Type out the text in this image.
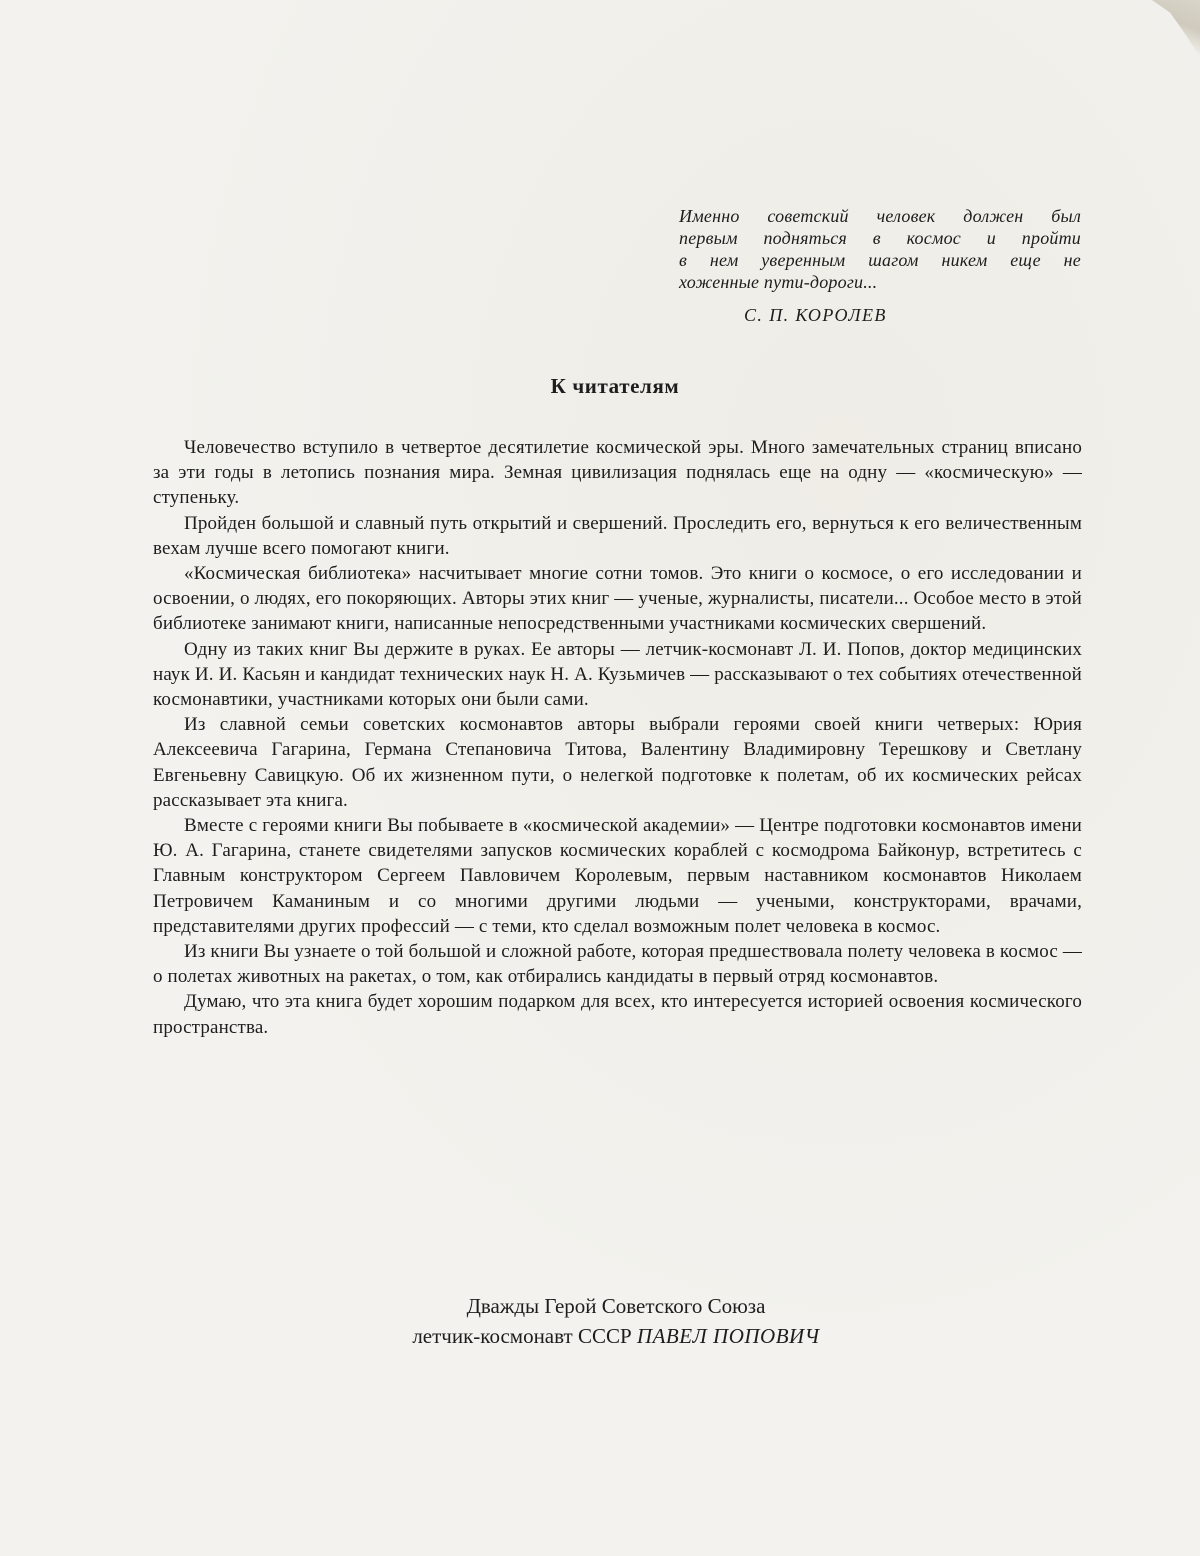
Именно советский человек должен был
первым подняться в космос и пройти
в нем уверенным шагом никем еще не
хоженные пути-дороги...
С. П. КОРОЛЕВ
К читателям

Человечество вступило в четвертое десятилетие космической эры. Много замечательных страниц вписано за эти годы в летопись познания мира. Земная цивилизация поднялась еще на одну — «космическую» — ступеньку.

Пройден большой и славный путь открытий и свершений. Проследить его, вернуться к его величественным вехам лучше всего помогают книги.

«Космическая библиотека» насчитывает многие сотни томов. Это книги о космосе, о его исследовании и освоении, о людях, его покоряющих. Авторы этих книг — ученые, журналисты, писатели... Особое место в этой библиотеке занимают книги, написанные непосредственными участниками космических свершений.

Одну из таких книг Вы держите в руках. Ее авторы — летчик-космонавт Л. И. Попов, доктор медицинских наук И. И. Касьян и кандидат технических наук Н. А. Кузьмичев — рассказывают о тех событиях отечественной космонавтики, участниками которых они были сами.

Из славной семьи советских космонавтов авторы выбрали героями своей книги четверых: Юрия Алексеевича Гагарина, Германа Степановича Титова, Валентину Владимировну Терешкову и Светлану Евгеньевну Савицкую. Об их жизненном пути, о нелегкой подготовке к полетам, об их космических рейсах рассказывает эта книга.

Вместе с героями книги Вы побываете в «космической академии» — Центре подготовки космонавтов имени Ю. А. Гагарина, станете свидетелями запусков космических кораблей с космодрома Байконур, встретитесь с Главным конструктором Сергеем Павловичем Королевым, первым наставником космонавтов Николаем Петровичем Каманиным и со многими другими людьми — учеными, конструкторами, врачами, представителями других профессий — с теми, кто сделал возможным полет человека в космос.

Из книги Вы узнаете о той большой и сложной работе, которая предшествовала полету человека в космос — о полетах животных на ракетах, о том, как отбирались кандидаты в первый отряд космонавтов.

Думаю, что эта книга будет хорошим подарком для всех, кто интересуется историей освоения космического пространства.

Дважды Герой Советского Союза
летчик-космонавт СССР ПАВЕЛ ПОПОВИЧ
